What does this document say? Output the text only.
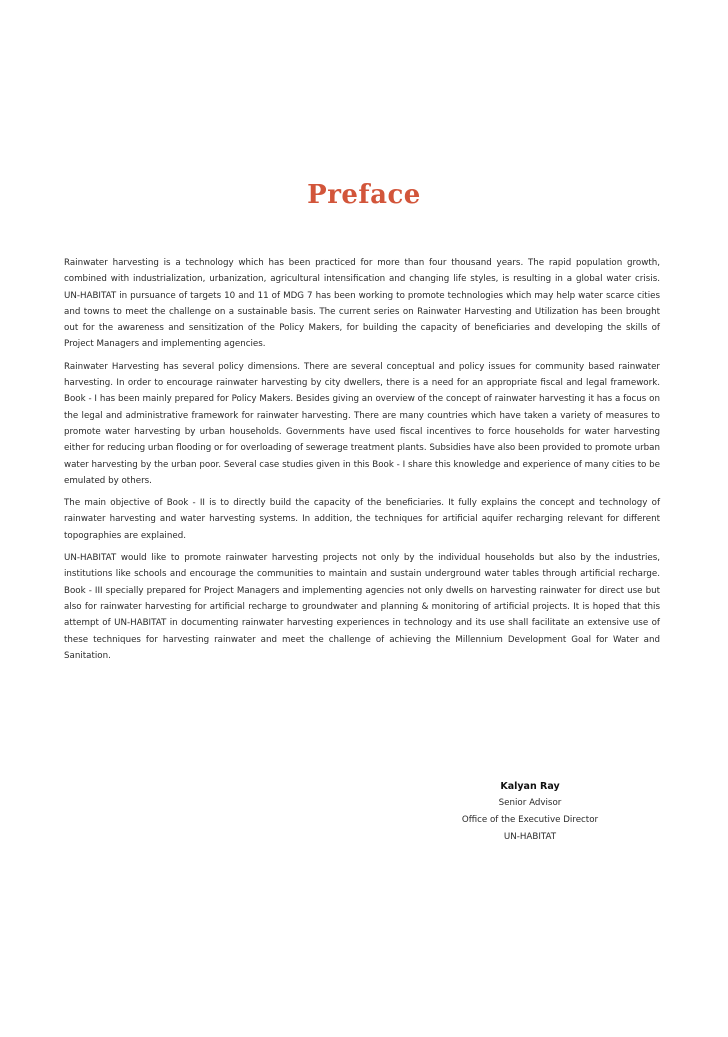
Preface

Rainwater harvesting is a technology which has been practiced for more than four thousand years. The rapid population growth, combined with industrialization, urbanization, agricultural intensification and changing life styles, is resulting in a global water crisis. UN-HABITAT in pursuance of targets 10 and 11 of MDG 7 has been working to promote technologies which may help water scarce cities and towns to meet the challenge on a sustainable basis. The current series on Rainwater Harvesting and Utilization has been brought out for the awareness and sensitization of the Policy Makers, for building the capacity of beneficiaries and developing the skills of Project Managers and implementing agencies.

Rainwater Harvesting has several policy dimensions. There are several conceptual and policy issues for community based rainwater harvesting. In order to encourage rainwater harvesting by city dwellers, there is a need for an appropriate fiscal and legal framework. Book - I has been mainly prepared for Policy Makers. Besides giving an overview of the concept of rainwater harvesting it has a focus on the legal and administrative framework for rainwater harvesting. There are many countries which have taken a variety of measures to promote water harvesting by urban households. Governments have used fiscal incentives to force households for water harvesting either for reducing urban flooding or for overloading of sewerage treatment plants. Subsidies have also been provided to promote urban water harvesting by the urban poor. Several case studies given in this Book - I share this knowledge and experience of many cities to be emulated by others.

The main objective of Book - II is to directly build the capacity of the beneficiaries. It fully explains the concept and technology of rainwater harvesting and water harvesting systems. In addition, the techniques for artificial aquifer recharging relevant for different topographies are explained.

UN-HABITAT would like to promote rainwater harvesting projects not only by the individual households but also by the industries, institutions like schools and encourage the communities to maintain and sustain underground water tables through artificial recharge. Book - III specially prepared for Project Managers and implementing agencies not only dwells on harvesting rainwater for direct use but also for rainwater harvesting for artificial recharge to groundwater and planning & monitoring of artificial projects. It is hoped that this attempt of UN-HABITAT in documenting rainwater harvesting experiences in technology and its use shall facilitate an extensive use of these techniques for harvesting rainwater and meet the challenge of achieving the Millennium Development Goal for Water and Sanitation.

Kalyan Ray
Senior Advisor
Office of the Executive Director
UN-HABITAT
